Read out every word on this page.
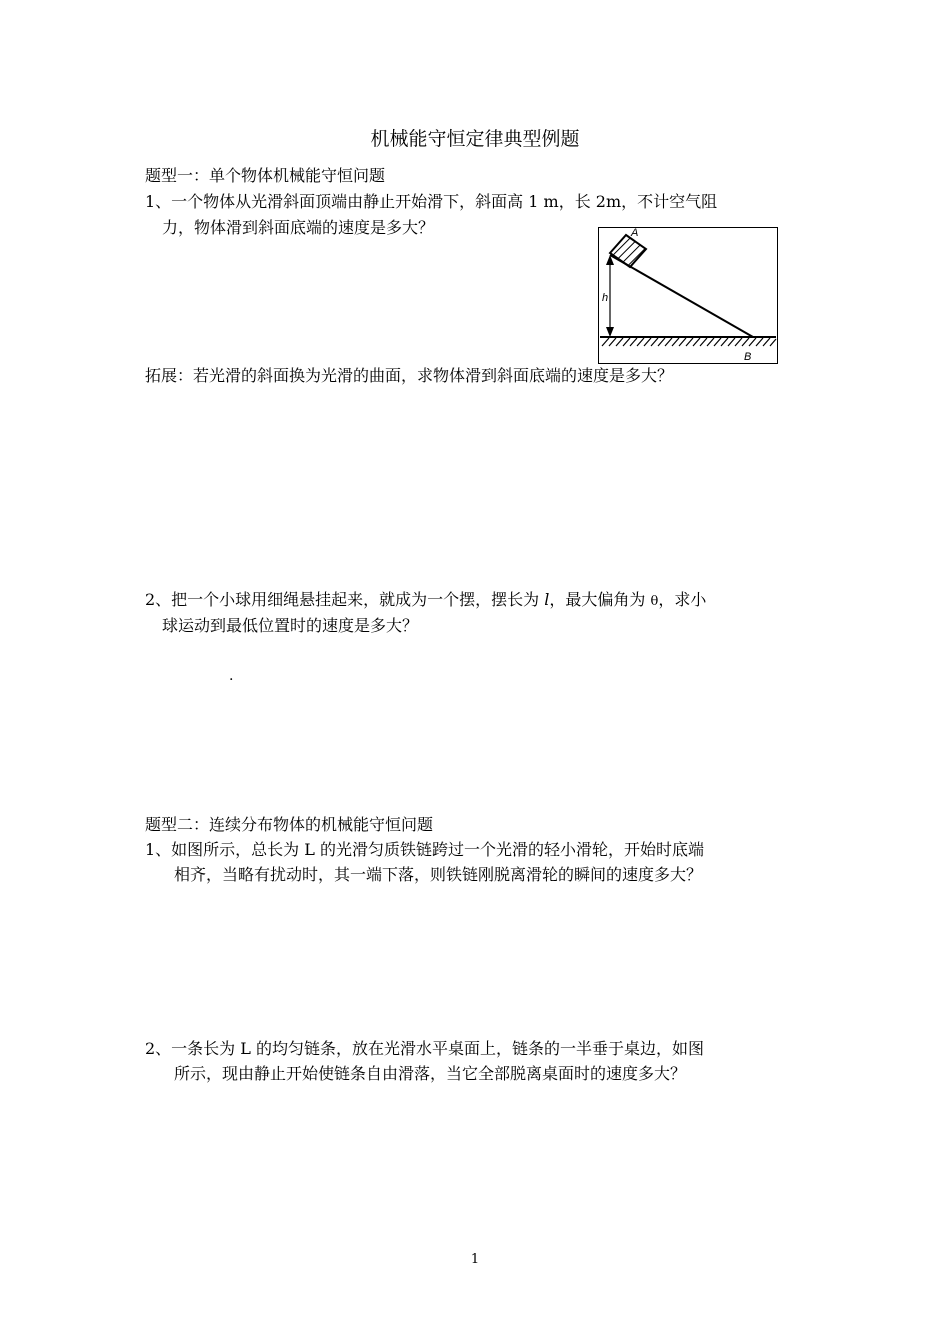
机械能守恒定律典型例题
题型一：单个物体机械能守恒问题
1、一个物体从光滑斜面顶端由静止开始滑下，斜面高 1 m，长 2m，不计空气阻
力，物体滑到斜面底端的速度是多大？	A
h
B
拓展：若光滑的斜面换为光滑的曲面，求物体滑到斜面底端的速度是多大？
2、把一个小球用细绳悬挂起来，就成为一个摆，摆长为 l，最大偏角为 θ，求小
球运动到最低位置时的速度是多大？
.
题型二：连续分布物体的机械能守恒问题
1、如图所示，总长为 L 的光滑匀质铁链跨过一个光滑的轻小滑轮，开始时底端
相齐，当略有扰动时，其一端下落，则铁链刚脱离滑轮的瞬间的速度多大？
2、一条长为 L 的均匀链条，放在光滑水平桌面上，链条的一半垂于桌边，如图
所示，现由静止开始使链条自由滑落，当它全部脱离桌面时的速度多大？
1
